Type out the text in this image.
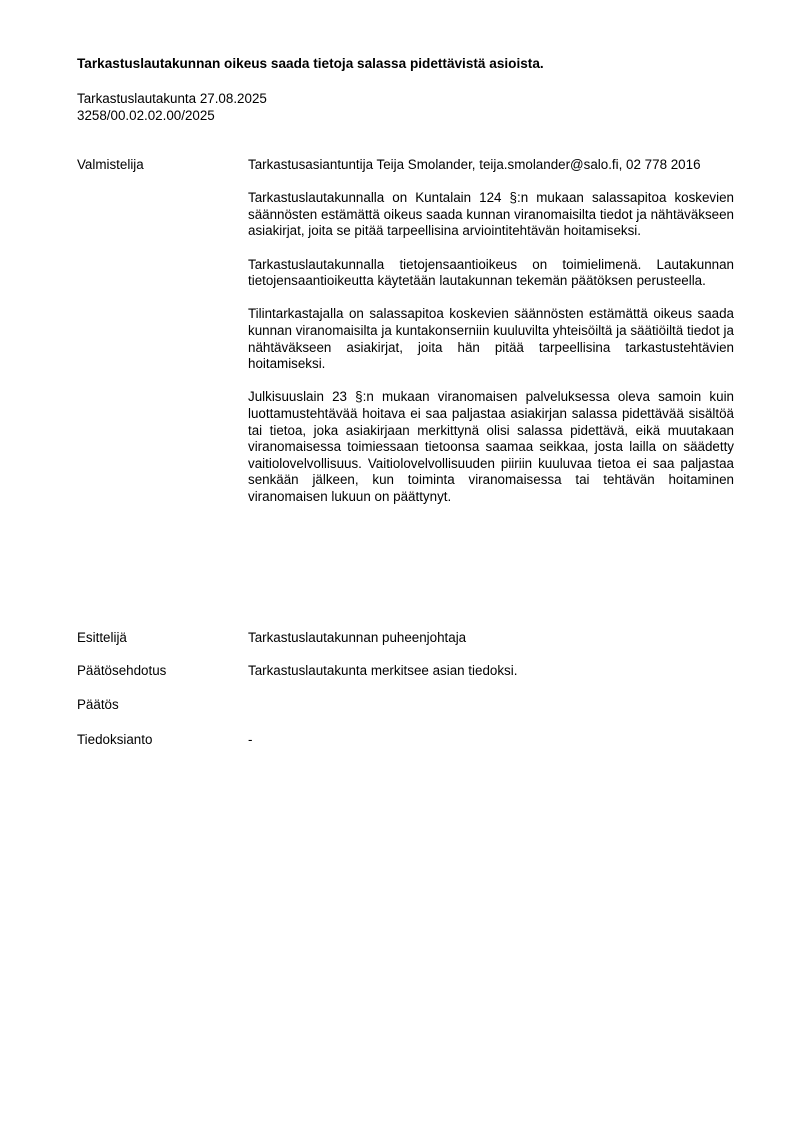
Tarkastuslautakunnan oikeus saada tietoja salassa pidettävistä asioista.
Tarkastuslautakunta 27.08.2025
3258/00.02.02.00/2025
Valmistelija	Tarkastusasiantuntija Teija Smolander, teija.smolander@salo.fi, 02 778 2016

Tarkastuslautakunnalla on Kuntalain 124 §:n mukaan salassapitoa koskevien säännösten estämättä oikeus saada kunnan viranomaisilta tiedot ja nähtäväkseen asiakirjat, joita se pitää tarpeellisina arviointitehtävän hoitamiseksi.

Tarkastuslautakunnalla tietojensaantioikeus on toimielimenä. Lautakunnan tietojensaantioikeutta käytetään lautakunnan tekemän päätöksen perusteella.

Tilintarkastajalla on salassapitoa koskevien säännösten estämättä oikeus saada kunnan viranomaisilta ja kuntakonserniin kuuluvilta yhteisöiltä ja säätiöiltä tiedot ja nähtäväkseen asiakirjat, joita hän pitää tarpeellisina tarkastustehtävien hoitamiseksi.

Julkisuuslain 23 §:n mukaan viranomaisen palveluksessa oleva samoin kuin luottamustehtävää hoitava ei saa paljastaa asiakirjan salassa pidettävää sisältöä tai tietoa, joka asiakirjaan merkittynä olisi salassa pidettävä, eikä muutakaan viranomaisessa toimiessaan tietoonsa saamaa seikkaa, josta lailla on säädetty vaitiolovelvollisuus. Vaitiolovelvollisuuden piiriin kuuluvaa tietoa ei saa paljastaa senkään jälkeen, kun toiminta viranomaisessa tai tehtävän hoitaminen viranomaisen lukuun on päättynyt.

Esittelijä	Tarkastuslautakunnan puheenjohtaja
Päätösehdotus	Tarkastuslautakunta merkitsee asian tiedoksi.
Päätös
Tiedoksianto	-
